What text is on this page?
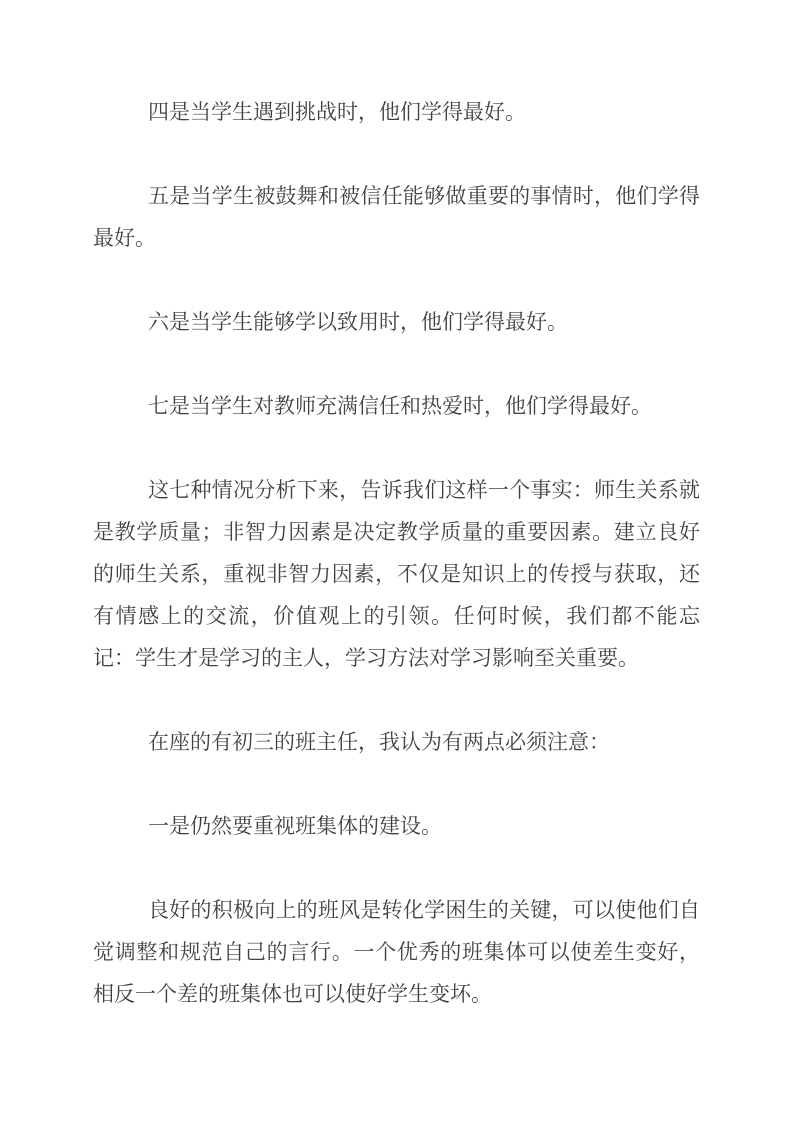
四是当学生遇到挑战时，他们学得最好。

五是当学生被鼓舞和被信任能够做重要的事情时，他们学得最好。

六是当学生能够学以致用时，他们学得最好。

七是当学生对教师充满信任和热爱时，他们学得最好。

这七种情况分析下来，告诉我们这样一个事实：师生关系就是教学质量；非智力因素是决定教学质量的重要因素。建立良好的师生关系，重视非智力因素，不仅是知识上的传授与获取，还有情感上的交流，价值观上的引领。任何时候，我们都不能忘记：学生才是学习的主人，学习方法对学习影响至关重要。

在座的有初三的班主任，我认为有两点必须注意：

一是仍然要重视班集体的建设。

良好的积极向上的班风是转化学困生的关键，可以使他们自觉调整和规范自己的言行。一个优秀的班集体可以使差生变好，相反一个差的班集体也可以使好学生变坏。
